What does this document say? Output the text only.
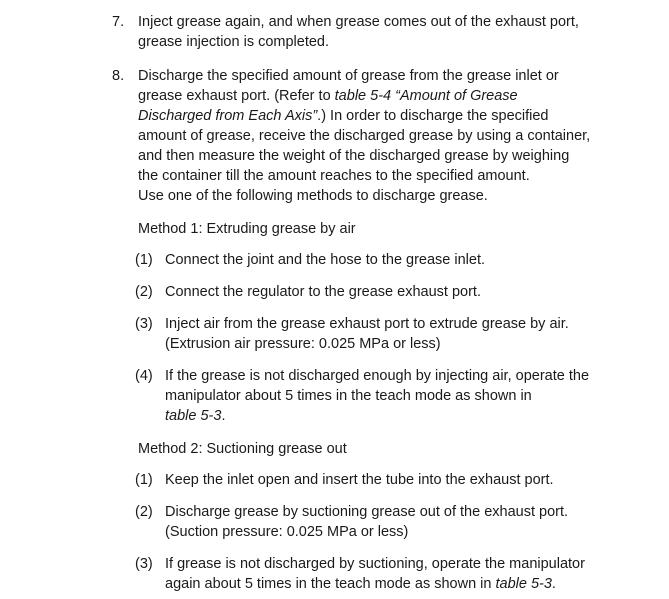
7. Inject grease again, and when grease comes out of the exhaust port,
grease injection is completed.
8. Discharge the specified amount of grease from the grease inlet or
grease exhaust port. (Refer to table 5-4 “Amount of Grease
Discharged from Each Axis”.) In order to discharge the specified
amount of grease, receive the discharged grease by using a container,
and then measure the weight of the discharged grease by weighing
the container till the amount reaches to the specified amount.
Use one of the following methods to discharge grease.
Method 1: Extruding grease by air
(1) Connect the joint and the hose to the grease inlet.
(2) Connect the regulator to the grease exhaust port.
(3) Inject air from the grease exhaust port to extrude grease by air.
(Extrusion air pressure: 0.025 MPa or less)
(4) If the grease is not discharged enough by injecting air, operate the
manipulator about 5 times in the teach mode as shown in
table 5-3.
Method 2: Suctioning grease out
(1) Keep the inlet open and insert the tube into the exhaust port.
(2) Discharge grease by suctioning grease out of the exhaust port.
(Suction pressure: 0.025 MPa or less)
(3) If grease is not discharged by suctioning, operate the manipulator
again about 5 times in the teach mode as shown in table 5-3.
